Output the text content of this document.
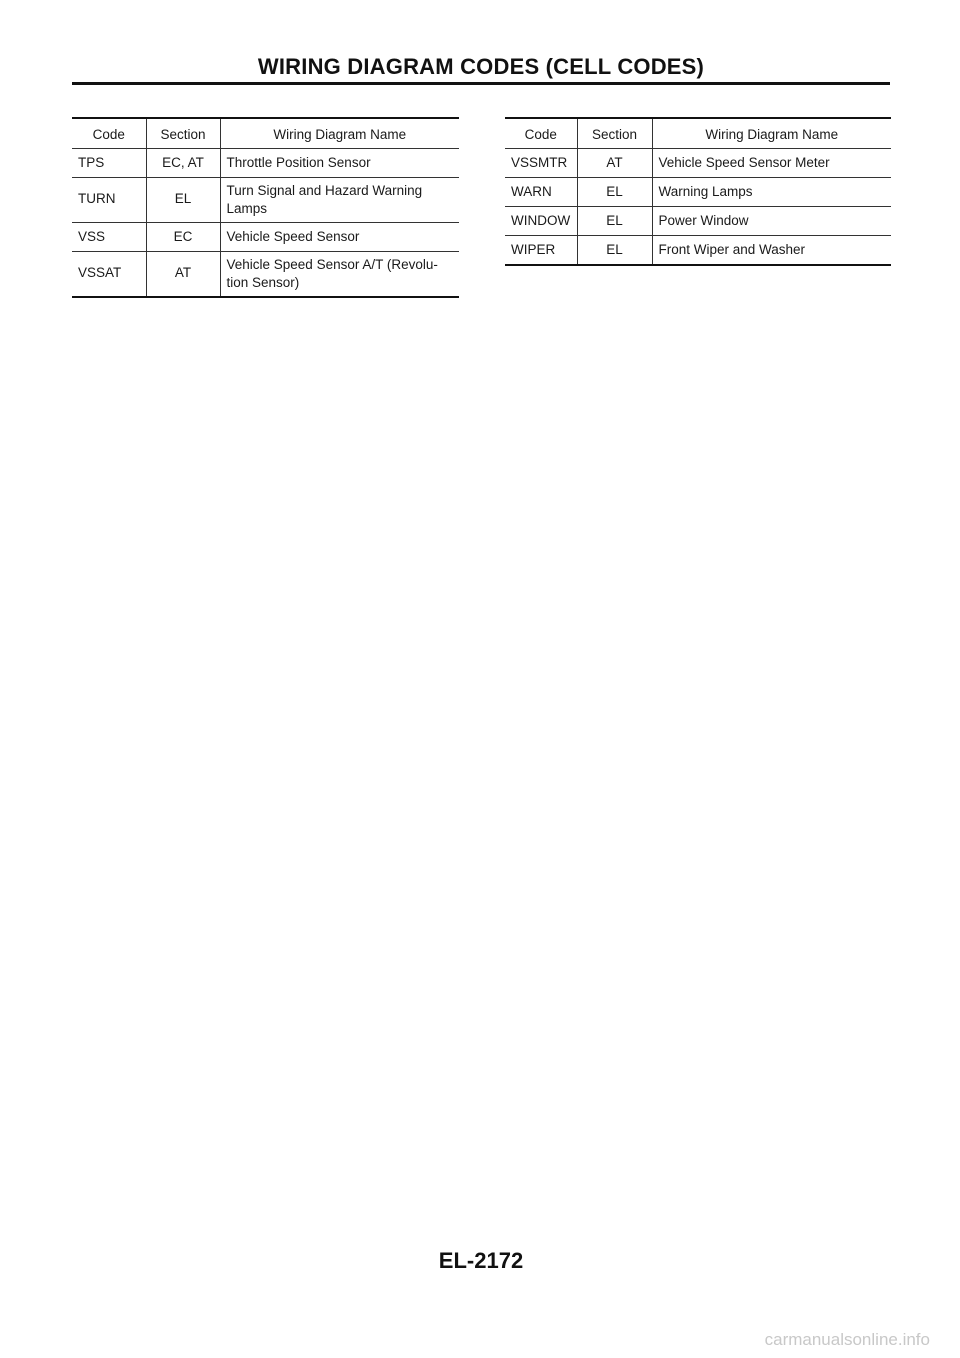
WIRING DIAGRAM CODES (CELL CODES)
Code	Section	Wiring Diagram Name
TPS	EC, AT	Throttle Position Sensor
TURN	EL	Turn Signal and Hazard Warning
Lamps
VSS	EC	Vehicle Speed Sensor
VSSAT	AT	Vehicle Speed Sensor A/T (Revolu-
tion Sensor)
Code	Section	Wiring Diagram Name
VSSMTR	AT	Vehicle Speed Sensor Meter
WARN	EL	Warning Lamps
WINDOW	EL	Power Window
WIPER	EL	Front Wiper and Washer
EL-2172
carmanualsonline.info
